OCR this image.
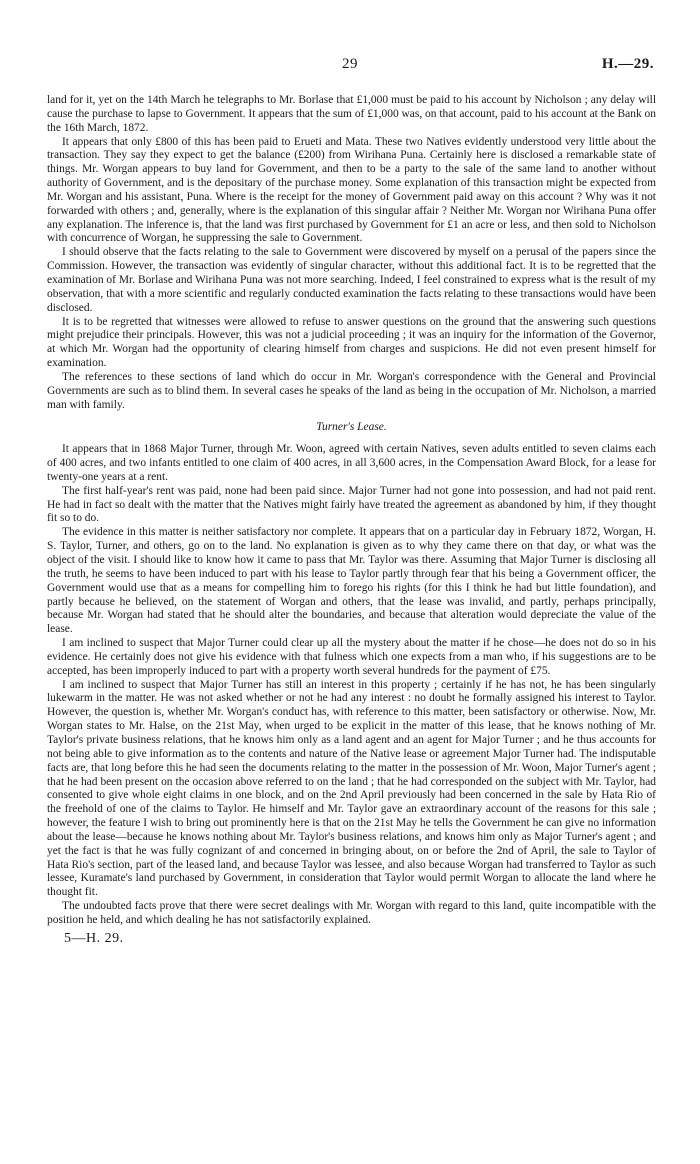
29	H.—29.

land for it, yet on the 14th March he telegraphs to Mr. Borlase that £1,000 must be paid to his account by Nicholson ; any delay will cause the purchase to lapse to Government. It appears that the sum of £1,000 was, on that account, paid to his account at the Bank on the 16th March, 1872.

It appears that only £800 of this has been paid to Erueti and Mata. These two Natives evidently understood very little about the transaction. They say they expect to get the balance (£200) from Wirihana Puna. Certainly here is disclosed a remarkable state of things. Mr. Worgan appears to buy land for Government, and then to be a party to the sale of the same land to another without authority of Government, and is the depositary of the purchase money. Some explanation of this transaction might be expected from Mr. Worgan and his assistant, Puna. Where is the receipt for the money of Government paid away on this account ? Why was it not forwarded with others ; and, generally, where is the explanation of this singular affair ? Neither Mr. Worgan nor Wirihana Puna offer any explanation. The inference is, that the land was first purchased by Government for £1 an acre or less, and then sold to Nicholson with concurrence of Worgan, he suppressing the sale to Government.

I should observe that the facts relating to the sale to Government were discovered by myself on a perusal of the papers since the Commission. However, the transaction was evidently of singular character, without this additional fact. It is to be regretted that the examination of Mr. Borlase and Wirihana Puna was not more searching. Indeed, I feel constrained to express what is the result of my observation, that with a more scientific and regularly conducted examination the facts relating to these transactions would have been disclosed.

It is to be regretted that witnesses were allowed to refuse to answer questions on the ground that the answering such questions might prejudice their principals. However, this was not a judicial proceeding ; it was an inquiry for the information of the Governor, at which Mr. Worgan had the opportunity of clearing himself from charges and suspicions. He did not even present himself for examination.

The references to these sections of land which do occur in Mr. Worgan's correspondence with the General and Provincial Governments are such as to blind them. In several cases he speaks of the land as being in the occupation of Mr. Nicholson, a married man with family.

Turner's Lease.

It appears that in 1868 Major Turner, through Mr. Woon, agreed with certain Natives, seven adults entitled to seven claims each of 400 acres, and two infants entitled to one claim of 400 acres, in all 3,600 acres, in the Compensation Award Block, for a lease for twenty-one years at a rent.

The first half-year's rent was paid, none had been paid since. Major Turner had not gone into possession, and had not paid rent. He had in fact so dealt with the matter that the Natives might fairly have treated the agreement as abandoned by him, if they thought fit so to do.

The evidence in this matter is neither satisfactory nor complete. It appears that on a particular day in February 1872, Worgan, H. S. Taylor, Turner, and others, go on to the land. No explanation is given as to why they came there on that day, or what was the object of the visit. I should like to know how it came to pass that Mr. Taylor was there. Assuming that Major Turner is disclosing all the truth, he seems to have been induced to part with his lease to Taylor partly through fear that his being a Government officer, the Government would use that as a means for compelling him to forego his rights (for this I think he had but little foundation), and partly because he believed, on the statement of Worgan and others, that the lease was invalid, and partly, perhaps principally, because Mr. Worgan had stated that he should alter the boundaries, and because that alteration would depreciate the value of the lease.

I am inclined to suspect that Major Turner could clear up all the mystery about the matter if he chose—he does not do so in his evidence. He certainly does not give his evidence with that fulness which one expects from a man who, if his suggestions are to be accepted, has been improperly induced to part with a property worth several hundreds for the payment of £75.

I am inclined to suspect that Major Turner has still an interest in this property ; certainly if he has not, he has been singularly lukewarm in the matter. He was not asked whether or not he had any interest : no doubt he formally assigned his interest to Taylor. However, the question is, whether Mr. Worgan's conduct has, with reference to this matter, been satisfactory or otherwise. Now, Mr. Worgan states to Mr. Halse, on the 21st May, when urged to be explicit in the matter of this lease, that he knows nothing of Mr. Taylor's private business relations, that he knows him only as a land agent and an agent for Major Turner ; and he thus accounts for not being able to give information as to the contents and nature of the Native lease or agreement Major Turner had. The indisputable facts are, that long before this he had seen the documents relating to the matter in the possession of Mr. Woon, Major Turner's agent ; that he had been present on the occasion above referred to on the land ; that he had corresponded on the subject with Mr. Taylor, had consented to give whole eight claims in one block, and on the 2nd April previously had been concerned in the sale by Hata Rio of the freehold of one of the claims to Taylor. He himself and Mr. Taylor gave an extraordinary account of the reasons for this sale ; however, the feature I wish to bring out prominently here is that on the 21st May he tells the Government he can give no information about the lease—because he knows nothing about Mr. Taylor's business relations, and knows him only as Major Turner's agent ; and yet the fact is that he was fully cognizant of and concerned in bringing about, on or before the 2nd of April, the sale to Taylor of Hata Rio's section, part of the leased land, and because Taylor was lessee, and also because Worgan had transferred to Taylor as such lessee, Kuramate's land purchased by Government, in consideration that Taylor would permit Worgan to allocate the land where he thought fit.

The undoubted facts prove that there were secret dealings with Mr. Worgan with regard to this land, quite incompatible with the position he held, and which dealing he has not satisfactorily explained.

5—H. 29.
